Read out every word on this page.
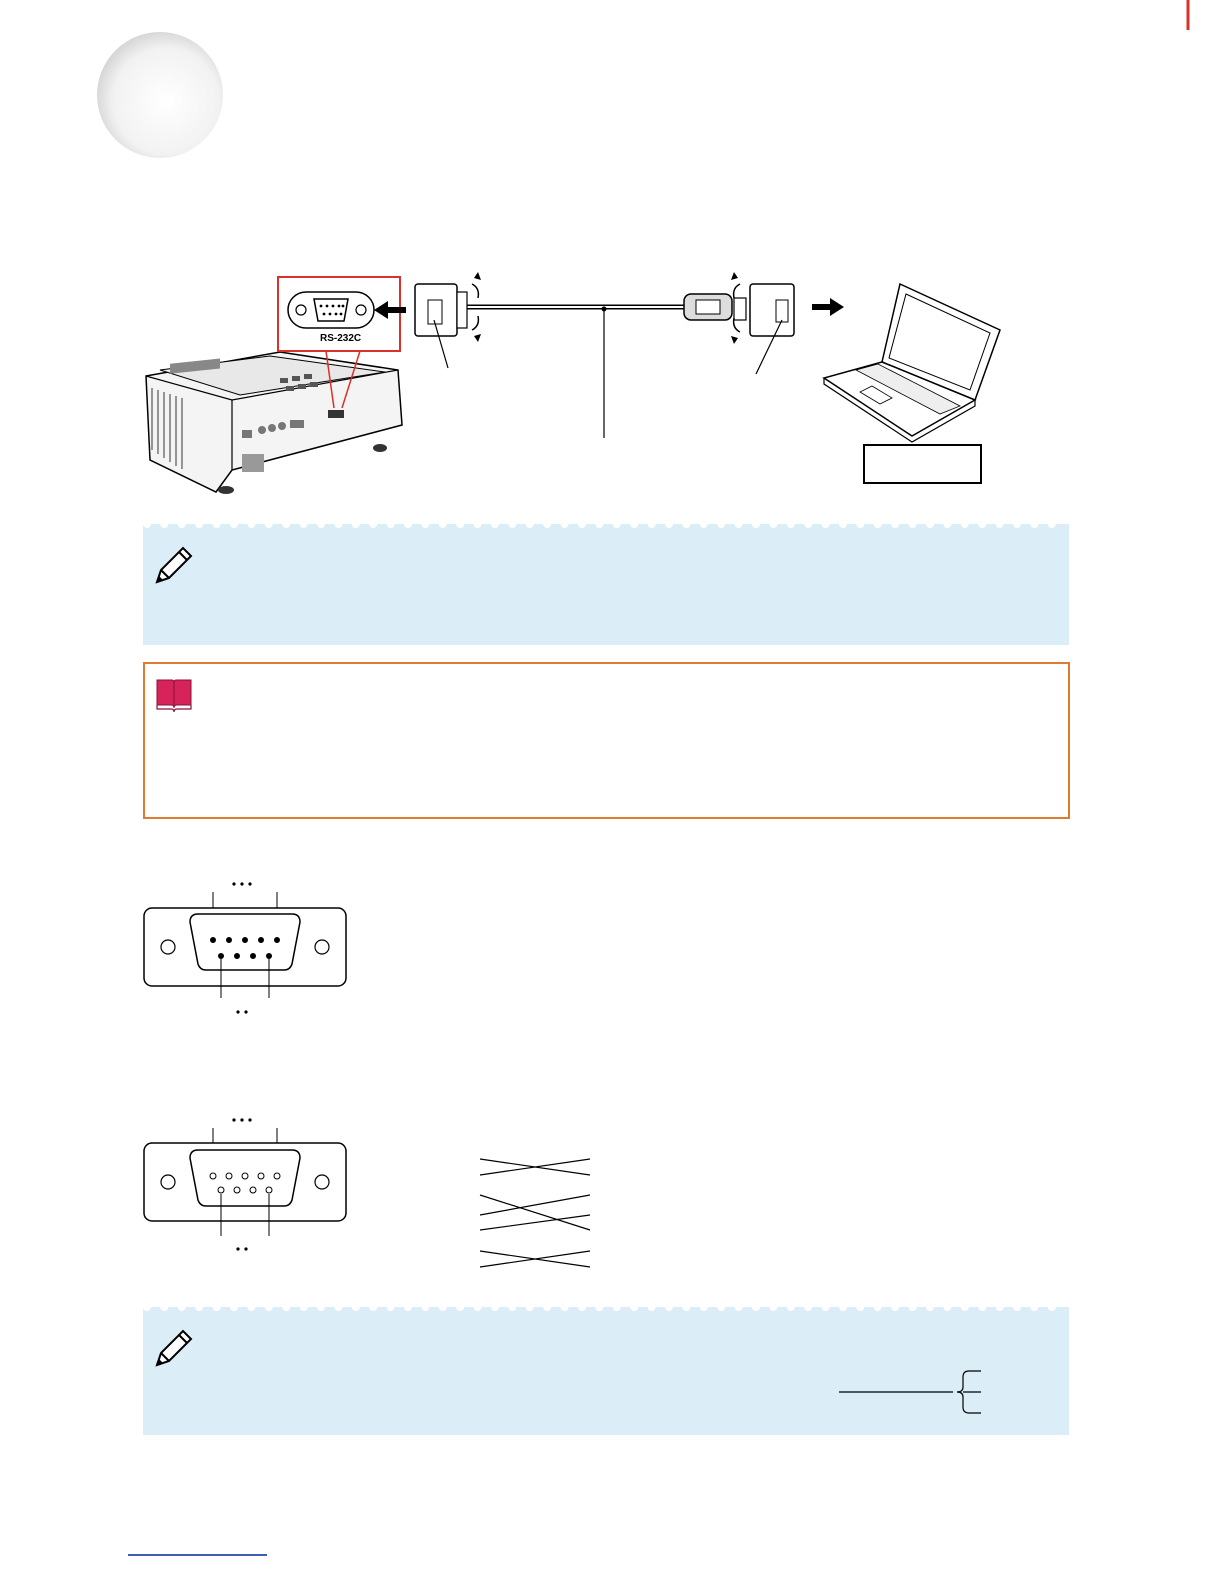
RS-232C
